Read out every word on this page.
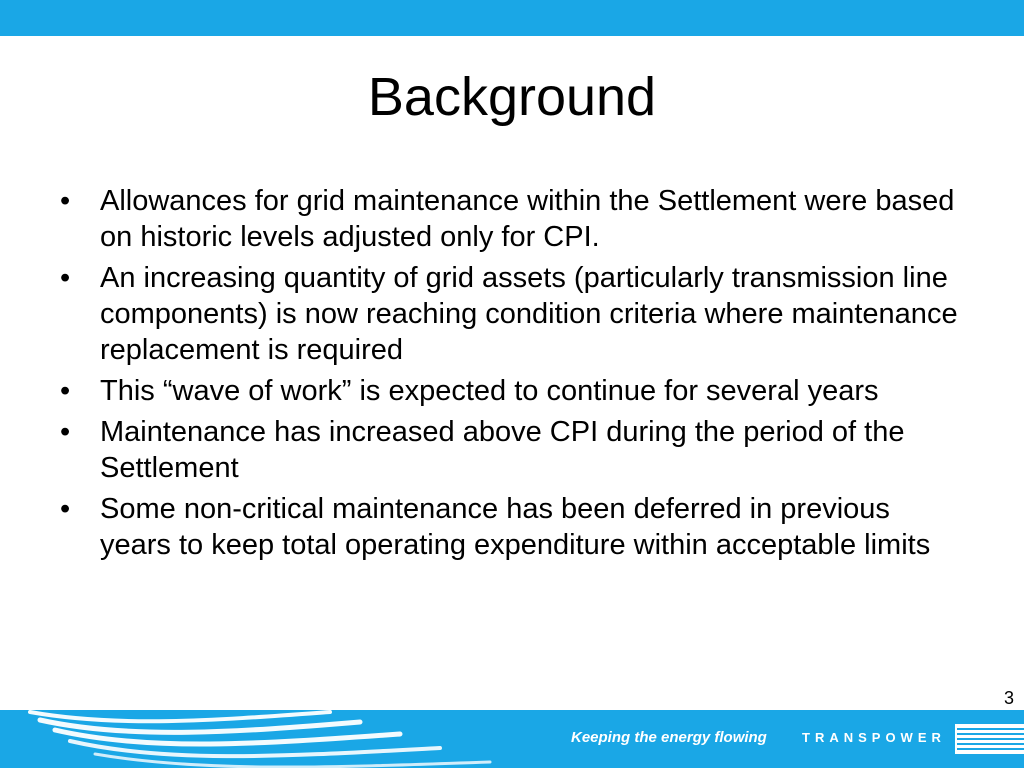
Background
•	Allowances for grid maintenance within the Settlement were based on historic levels adjusted only for CPI.
•	An increasing quantity of grid assets (particularly transmission line components) is now reaching condition criteria where maintenance replacement is required
•	This “wave of work” is expected to continue for several years
•	Maintenance has increased above CPI during the period of the Settlement
•	Some non-critical maintenance has been deferred in previous years to keep total operating expenditure within acceptable limits
3
Keeping the energy flowing	TRANSPOWER
